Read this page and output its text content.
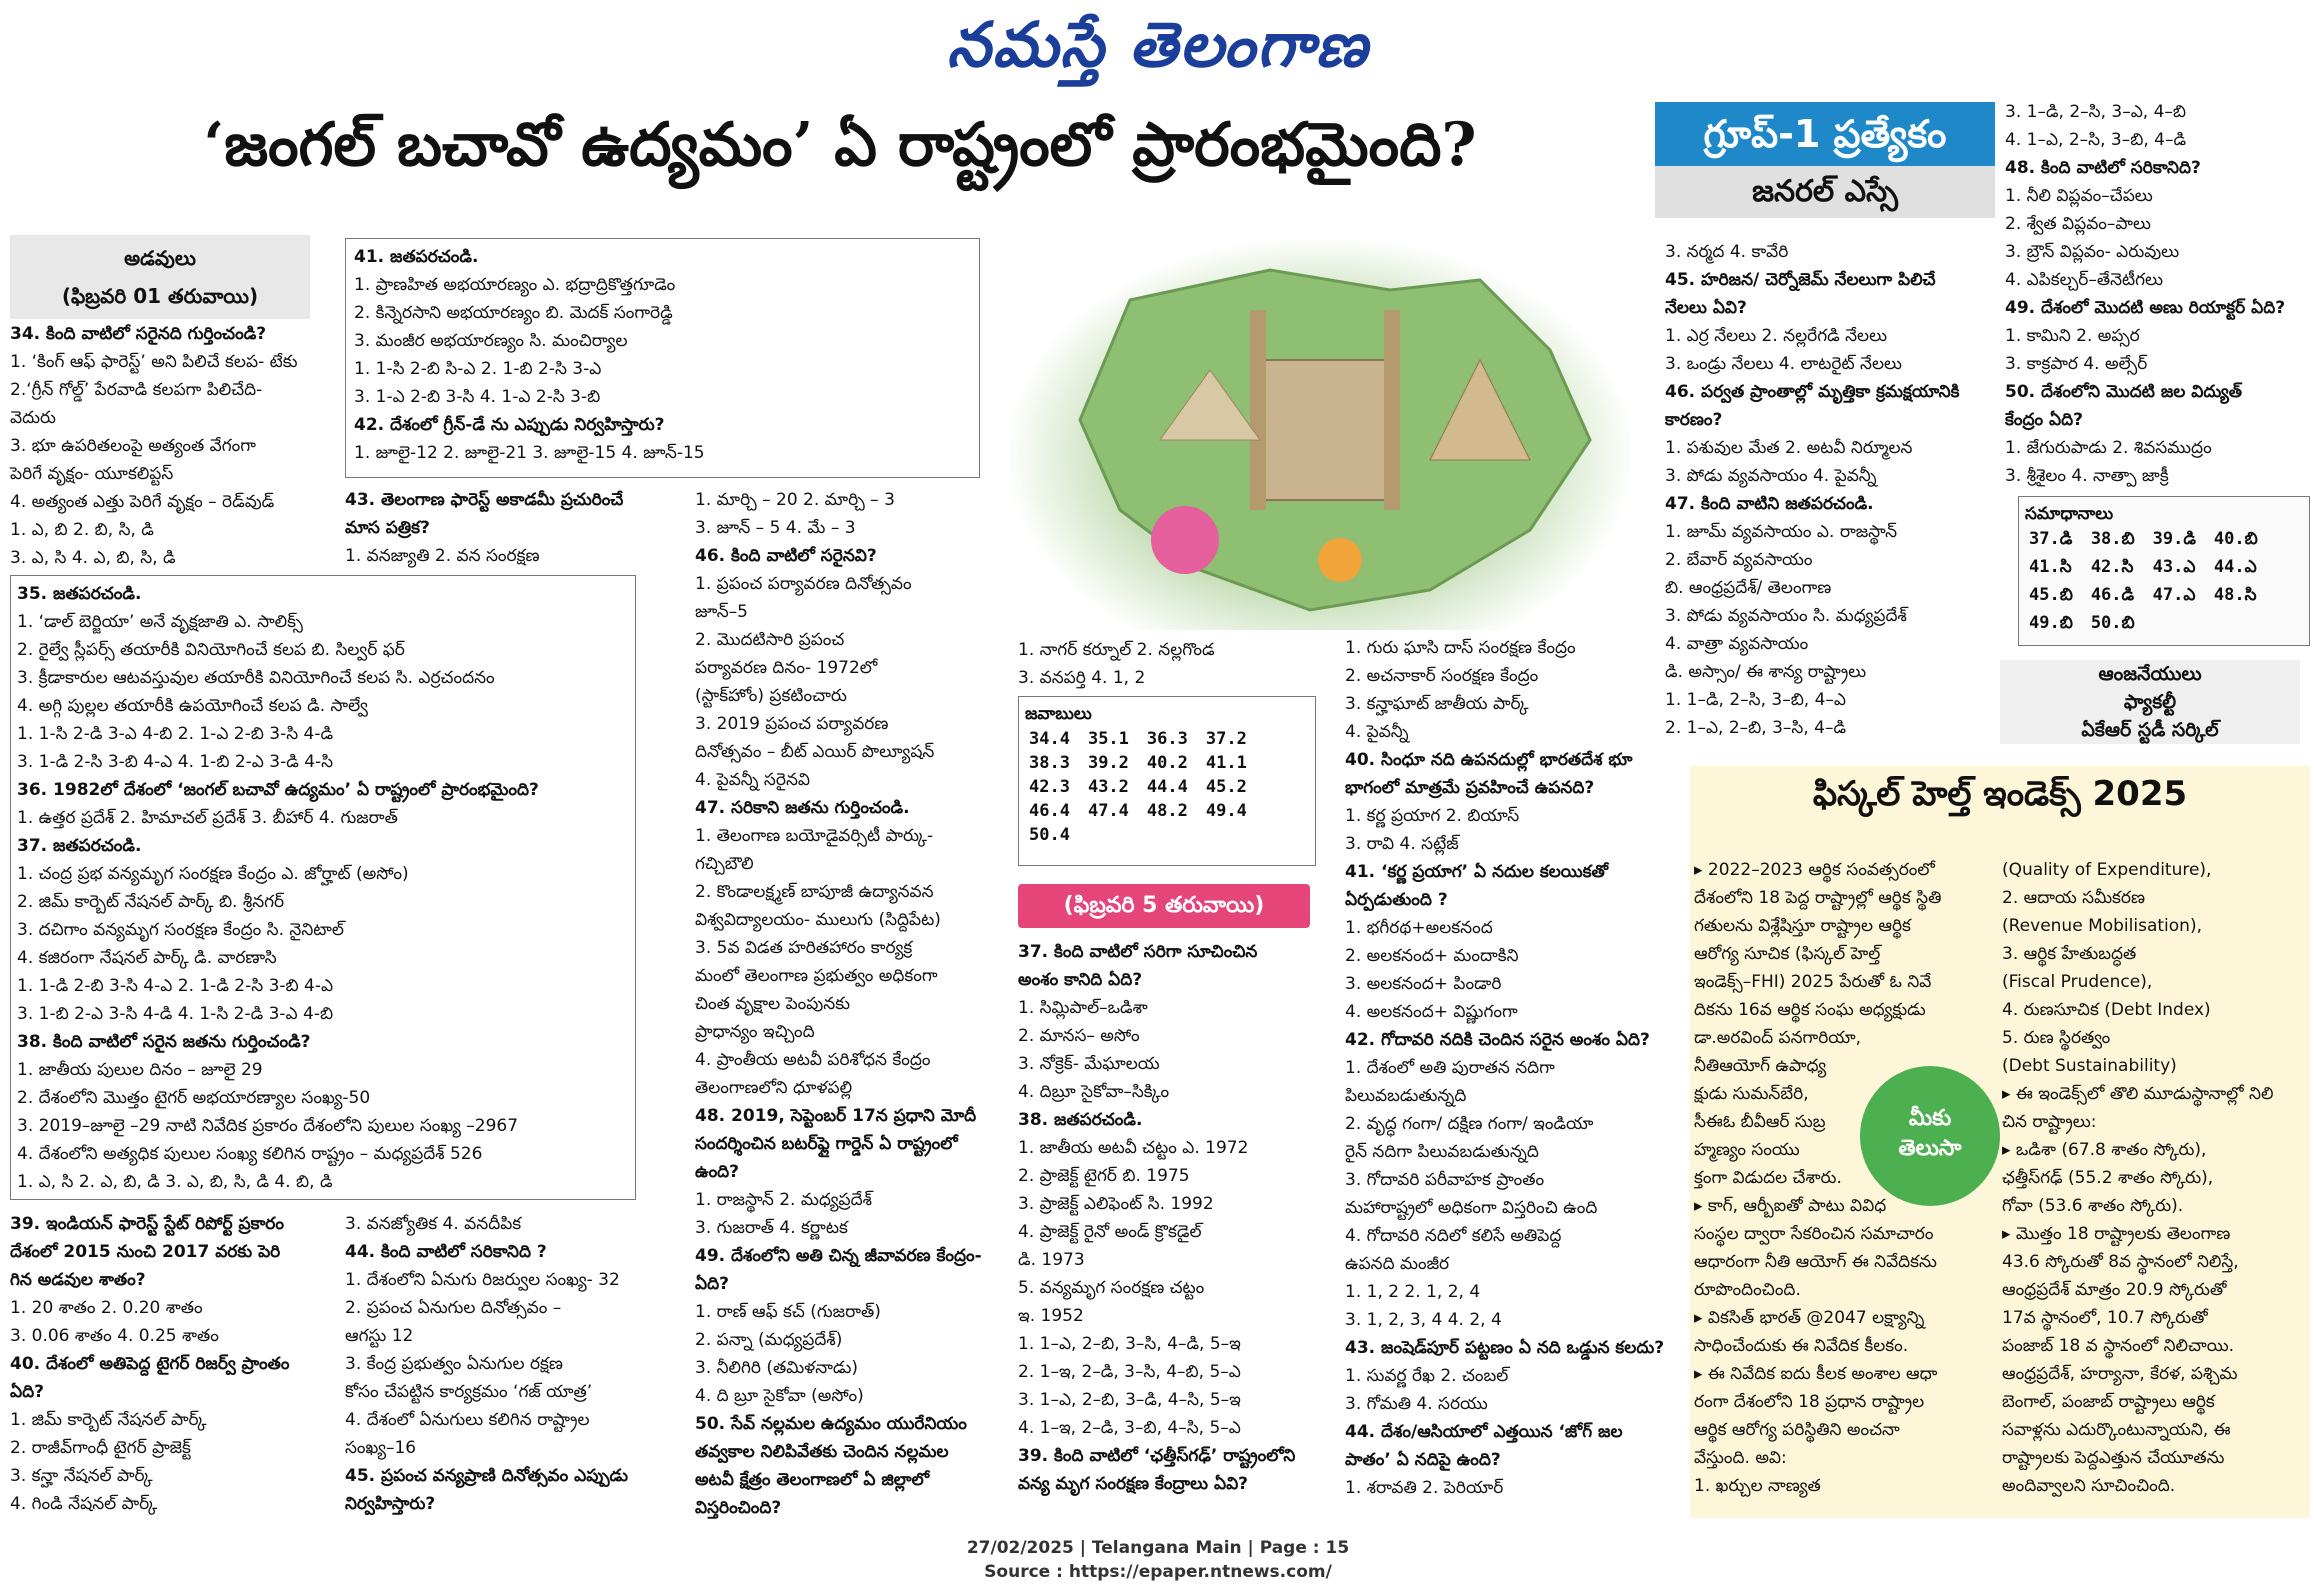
నమస్తే తెలంగాణ
‘జంగల్ బచావో ఉద్యమం’ ఏ రాష్ట్రంలో ప్రారంభమైంది?
అడవులు
(ఫిబ్రవరి 01 తరువాయి)
34. కింది వాటిలో సరైనది గుర్తించండి?
1. ‘కింగ్ ఆఫ్ ఫారెస్ట్’ అని పిలిచే కలప- టేకు
2.‘గ్రీన్ గోల్డ్’ పేరవాడి కలపగా పిలిచేది-
వెదురు
3. భూ ఉపరితలంపై అత్యంత వేగంగా
పెరిగే వృక్షం- యూకలిప్టస్
4. అత్యంత ఎత్తు పెరిగే వృక్షం – రెడ్‌వుడ్
1. ఎ, బి 2. బి, సి, డి
3. ఎ, సి 4. ఎ, బి, సి, డి
35. జతపరచండి.
1. ‘డాల్ బెర్జియా’ అనే వృక్షజాతి ఎ. సాలిక్స్
2. రైల్వే స్లీపర్స్ తయారీకి వినియోగించే కలప బి. సిల్వర్ ఫర్
3. క్రీడాకారుల ఆటవస్తువుల తయారీకి వినియోగించే కలప సి. ఎర్రచందనం
4. అగ్గి పుల్లల తయారీకి ఉపయోగించే కలప డి. సాల్వే
1. 1-సి 2-డి 3-ఎ 4-బి 2. 1-ఎ 2-బి 3-సి 4-డి
3. 1-డి 2-సి 3-బి 4-ఎ 4. 1-బి 2-ఎ 3-డి 4-సి
36. 1982లో దేశంలో ‘జంగల్ బచావో ఉద్యమం’ ఏ రాష్ట్రంలో ప్రారంభమైంది?
1. ఉత్తర ప్రదేశ్ 2. హిమాచల్ ప్రదేశ్ 3. బీహార్ 4. గుజరాత్
37. జతపరచండి.
1. చంద్ర ప్రభ వన్యమృగ సంరక్షణ కేంద్రం ఎ. జోర్హాట్ (అసోం)
2. జిమ్ కార్బెట్ నేషనల్ పార్క్ బి. శ్రీనగర్
3. దచిగాం వన్యమృగ సంరక్షణ కేంద్రం సి. నైనిటాల్
4. కజిరంగా నేషనల్ పార్క్ డి. వారణాసి
1. 1-డి 2-బి 3-సి 4-ఎ 2. 1-డి 2-సి 3-బి 4-ఎ
3. 1-బి 2-ఎ 3-సి 4-డి 4. 1-సి 2-డి 3-ఎ 4-బి
38. కింది వాటిలో సరైన జతను గుర్తించండి?
1. జాతీయ పులుల దినం – జూలై 29
2. దేశంలోని మొత్తం టైగర్ అభయారణ్యాల సంఖ్య-50
3. 2019–జూలై –29 నాటి నివేదిక ప్రకారం దేశంలోని పులుల సంఖ్య –2967
4. దేశంలోని అత్యధిక పులుల సంఖ్య కలిగిన రాష్ట్రం – మధ్యప్రదేశ్ 526
1. ఎ, సి 2. ఎ, బి, డి 3. ఎ, బి, సి, డి 4. బి, డి
39. ఇండియన్ ఫారెస్ట్ స్టేట్ రిపోర్ట్ ప్రకారం
దేశంలో 2015 నుంచి 2017 వరకు పెరి
గిన అడవుల శాతం?
1. 20 శాతం 2. 0.20 శాతం
3. 0.06 శాతం 4. 0.25 శాతం
40. దేశంలో అతిపెద్ద టైగర్ రిజర్వ్ ప్రాంతం
ఏది?
1. జిమ్ కార్బెట్ నేషనల్ పార్క్
2. రాజీవ్‌గాంధీ టైగర్ ప్రాజెక్ట్
3. కన్హా నేషనల్ పార్క్
4. గిండి నేషనల్ పార్క్
41. జతపరచండి.
1. ప్రాణహిత అభయారణ్యం ఎ. భద్రాద్రికొత్తగూడెం
2. కిన్నెరసాని అభయారణ్యం బి. మెదక్ సంగారెడ్డి
3. మంజీర అభయారణ్యం సి. మంచిర్యాల
1. 1-సి 2-బి సి-ఎ 2. 1-బి 2-సి 3-ఎ
3. 1-ఎ 2-బి 3-సి 4. 1-ఎ 2-సి 3-బి
42. దేశంలో గ్రీన్-డే ను ఎప్పుడు నిర్వహిస్తారు?
1. జూలై-12 2. జూలై-21 3. జూలై-15 4. జూన్-15
43. తెలంగాణ ఫారెస్ట్ అకాడమీ ప్రచురించే
మాస పత్రిక?
1. వనజ్యాతి 2. వన సంరక్షణ
3. వనజ్యోతిక 4. వనదీపిక
44. కింది వాటిలో సరికానిది ?
1. దేశంలోని ఏనుగు రిజర్వుల సంఖ్య- 32
2. ప్రపంచ ఏనుగుల దినోత్సవం –
ఆగస్టు 12
3. కేంద్ర ప్రభుత్వం ఏనుగుల రక్షణ
కోసం చేపట్టిన కార్యక్రమం ‘గజ్ యాత్ర’
4. దేశంలో ఏనుగులు కలిగిన రాష్ట్రాల
సంఖ్య–16
45. ప్రపంచ వన్యప్రాణి దినోత్సవం ఎప్పుడు
నిర్వహిస్తారు?
1. మార్చి – 20 2. మార్చి – 3
3. జూన్ – 5 4. మే – 3
46. కింది వాటిలో సరైనవి?
1. ప్రపంచ పర్యావరణ దినోత్సవం
జూన్–5
2. మొదటిసారి ప్రపంచ
పర్యావరణ దినం- 1972లో
(స్టాక్‌హోం) ప్రకటించారు
3. 2019 ప్రపంచ పర్యావరణ
దినోత్సవం – బీట్ ఎయిర్ పొల్యూషన్
4. పైవన్నీ సరైనవి
47. సరికాని జతను గుర్తించండి.
1. తెలంగాణ బయోడైవర్సిటీ పార్కు-
గచ్చిబౌలి
2. కొండాలక్ష్మణ్ బాపూజీ ఉద్యానవన
విశ్వవిద్యాలయం- ములుగు (సిద్దిపేట)
3. 5వ విడత హరితహారం కార్యక్ర
మంలో తెలంగాణ ప్రభుత్వం అధికంగా
చింత వృక్షాల పెంపునకు
ప్రాధాన్యం ఇచ్చింది
4. ప్రాంతీయ అటవీ పరిశోధన కేంద్రం
తెలంగాణలోని ధూళపల్లి
48. 2019, సెప్టెంబర్ 17న ప్రధాని మోదీ
సందర్శించిన బటర్‌ఫ్లై గార్డెన్ ఏ రాష్ట్రంలో
ఉంది?
1. రాజస్థాన్ 2. మధ్యప్రదేశ్
3. గుజరాత్ 4. కర్ణాటక
49. దేశంలోని అతి చిన్న జీవావరణ కేంద్రం-
ఏది?
1. రాణ్ ఆఫ్ కచ్ (గుజరాత్)
2. పన్నా (మధ్యప్రదేశ్)
3. నీలిగిరి (తమిళనాడు)
4. ది బ్రూ సైకోవా (అసోం)
50. సేవ్ నల్లమల ఉద్యమం యురేనియం
తవ్వకాల నిలిపివేతకు చెందిన నల్లమల
అటవీ క్షేత్రం తెలంగాణలో ఏ జిల్లాలో
విస్తరించింది?
1. నాగర్ కర్నూల్ 2. నల్లగొండ
3. వనపర్తి 4. 1, 2
జవాబులు
34.4	35.1	36.3	37.2
38.3	39.2	40.2	41.1
42.3	43.2	44.4	45.2
46.4	47.4	48.2	49.4
50.4			
(ఫిబ్రవరి 5 తరువాయి)
37. కింది వాటిలో సరిగా సూచించిన
అంశం కానిది ఏది?
1. సిమ్లిపాల్–ఒడిశా
2. మానస– అసోం
3. నోక్రెక్- మేఘాలయ
4. దిబ్రూ సైకోవా–సిక్కిం
38. జతపరచండి.
1. జాతీయ అటవీ చట్టం ఎ. 1972
2. ప్రాజెక్ట్ టైగర్ బి. 1975
3. ప్రాజెక్ట్ ఎలిఫెంట్ సి. 1992
4. ప్రాజెక్ట్ రైనో అండ్ క్రొకడైల్
డి. 1973
5. వన్యమృగ సంరక్షణ చట్టం
ఇ. 1952
1. 1–ఎ, 2–బి, 3–సి, 4–డి, 5–ఇ
2. 1–ఇ, 2–డి, 3–సి, 4–బి, 5–ఎ
3. 1–ఎ, 2–బి, 3–డి, 4–సి, 5–ఇ
4. 1–ఇ, 2–డి, 3–బి, 4–సి, 5–ఎ
39. కింది వాటిలో ‘ఛత్తీస్‌గఢ్’ రాష్ట్రంలోని
వన్య మృగ సంరక్షణ కేంద్రాలు ఏవి?
1. గురు ఘాసి దాస్ సంరక్షణ కేంద్రం
2. అచనాకార్ సంరక్షణ కేంద్రం
3. కన్హాఘాట్ జాతీయ పార్క్
4. పైవన్నీ
40. సింధూ నది ఉపనదుల్లో భారతదేశ భూ
భాగంలో మాత్రమే ప్రవహించే ఉపనది?
1. కర్ణ ప్రయాగ 2. బియాస్
3. రావి 4. సట్లేజ్
41. ‘కర్ణ ప్రయాగ’ ఏ నదుల కలయికతో
ఏర్పడుతుంది ?
1. భగీరథ+అలకనంద
2. అలకనంద+ మందాకిని
3. అలకనంద+ పిండారి
4. అలకనంద+ విష్ణుగంగా
42. గోదావరి నదికి చెందిన సరైన అంశం ఏది?
1. దేశంలో అతి పురాతన నదిగా
పిలువబడుతున్నది
2. వృద్ధ గంగా/ దక్షిణ గంగా/ ఇండియా
రైన్ నదిగా పిలువబడుతున్నది
3. గోదావరి పరీవాహక ప్రాంతం
మహారాష్ట్రలో అధికంగా విస్తరించి ఉంది
4. గోదావరి నదిలో కలిసే అతిపెద్ద
ఉపనది మంజీర
1. 1, 2 2. 1, 2, 4
3. 1, 2, 3, 4 4. 2, 4
43. జంషెడ్‌పూర్ పట్టణం ఏ నది ఒడ్డున కలదు?
1. సువర్ణ రేఖ 2. చంబల్
3. గోమతి 4. సరయు
44. దేశం/ఆసియాలో ఎత్తయిన ‘జోగ్ జల
పాతం’ ఏ నదిపై ఉంది?
1. శరావతి 2. పెరియార్
గ్రూప్-1 ప్రత్యేకం
జనరల్ ఎస్సే
3. నర్మద 4. కావేరి
45. హరిజన/ చెర్నోజెమ్ నేలలుగా పిలిచే
నేలలు ఏవి?
1. ఎర్ర నేలలు 2. నల్లరేగడి నేలలు
3. ఒండ్రు నేలలు 4. లాటరైట్ నేలలు
46. పర్వత ప్రాంతాల్లో మృత్తికా క్రమక్షయానికి
కారణం?
1. పశువుల మేత 2. అటవీ నిర్మూలన
3. పోడు వ్యవసాయం 4. పైవన్నీ
47. కింది వాటిని జతపరచండి.
1. జూమ్ వ్యవసాయం ఎ. రాజస్థాన్
2. బేవార్ వ్యవసాయం
బి. ఆంధ్రప్రదేశ్/ తెలంగాణ
3. పోడు వ్యవసాయం సి. మధ్యప్రదేశ్
4. వాత్రా వ్యవసాయం
డి. అస్సాం/ ఈ శాన్య రాష్ట్రాలు
1. 1–డి, 2–సి, 3–బి, 4–ఎ
2. 1–ఎ, 2–బి, 3–సి, 4–డి
3. 1–డి, 2–సి, 3–ఎ, 4–బి
4. 1–ఎ, 2–సి, 3–బి, 4–డి
48. కింది వాటిలో సరికానిది?
1. నీలి విప్లవం–చేపలు
2. శ్వేత విప్లవం–పాలు
3. బ్రౌన్ విప్లవం- ఎరువులు
4. ఎపికల్చర్–తేనెటీగలు
49. దేశంలో మొదటి అణు రియాక్టర్ ఏది?
1. కామిని 2. అప్సర
3. కాక్రపార 4. అల్సేర్
50. దేశంలోని మొదటి జల విద్యుత్
కేంద్రం ఏది?
1. జేగురుపాడు 2. శివసముద్రం
3. శ్రీశైలం 4. నాత్పా జాక్రీ
సమాధానాలు
37.డి	38.బి	39.డి	40.బి
41.సి	42.సి	43.ఎ	44.ఎ
45.బి	46.డి	47.ఎ	48.సి
49.బి	50.బి		
ఆంజనేయులు
ఫ్యాకల్టీ
ఏకేఆర్ స్టడీ సర్కిల్
ఫిస్కల్ హెల్త్ ఇండెక్స్ 2025
▸ 2022–2023 ఆర్థిక సంవత్సరంలో
దేశంలోని 18 పెద్ద రాష్ట్రాల్లో ఆర్థిక స్థితి
గతులను విశ్లేషిస్తూ రాష్ట్రాల ఆర్థిక
ఆరోగ్య సూచిక (ఫిస్కల్ హెల్త్
ఇండెక్స్–FHI) 2025 పేరుతో ఓ నివే
దికను 16వ ఆర్థిక సంఘ అధ్యక్షుడు
డా.అరవింద్ పనగారియా,
నీతిఆయోగ్ ఉపాధ్య
క్షుడు సుమన్‌బేరి,
సీఈఓ బీవీఆర్ సుబ్ర
హ్మణ్యం సంయు
క్తంగా విడుదల చేశారు.
▸ కాగ్, ఆర్బీఐతో పాటు వివిధ
సంస్థల ద్వారా సేకరించిన సమాచారం
ఆధారంగా నీతి ఆయోగ్ ఈ నివేదికను
రూపొందించింది.
▸ వికసిత్ భారత్ @2047 లక్ష్యాన్ని
సాధించేందుకు ఈ నివేదిక కీలకం.
▸ ఈ నివేదిక ఐదు కీలక అంశాల ఆధా
రంగా దేశంలోని 18 ప్రధాన రాష్ట్రాల
ఆర్థిక ఆరోగ్య పరిస్థితిని అంచనా
వేస్తుంది. అవి:
1. ఖర్చుల నాణ్యత
(Quality of Expenditure),
2. ఆదాయ సమీకరణ
(Revenue Mobilisation),
3. ఆర్థిక హేతుబద్ధత
(Fiscal Prudence),
4. రుణసూచిక (Debt Index)
5. రుణ స్థిరత్వం
(Debt Sustainability)
▸ ఈ ఇండెక్స్‌లో తొలి మూడుస్థానాల్లో నిలి
చిన రాష్ట్రాలు:
▸ ఒడిశా (67.8 శాతం స్కోరు),
ఛత్తీస్‌గఢ్ (55.2 శాతం స్కోరు),
గోవా (53.6 శాతం స్కోరు).
▸ మొత్తం 18 రాష్ట్రాలకు తెలంగాణ
43.6 స్కోరుతో 8వ స్థానంలో నిలిస్తే,
ఆంధ్రప్రదేశ్ మాత్రం 20.9 స్కోరుతో
17వ స్థానంలో, 10.7 స్కోరుతో
పంజాబ్ 18 వ స్థానంలో నిలిచాయి.
ఆంధ్రప్రదేశ్, హర్యానా, కేరళ, పశ్చిమ
బెంగాల్, పంజాబ్ రాష్ట్రాలు ఆర్థిక
సవాళ్లను ఎదుర్కొంటున్నాయని, ఈ
రాష్ట్రాలకు పెద్దఎత్తున చేయూతను
అందివ్వాలని సూచించింది.
మీకు
తెలుసా
27/02/2025 | Telangana Main | Page : 15
Source : https://epaper.ntnews.com/
